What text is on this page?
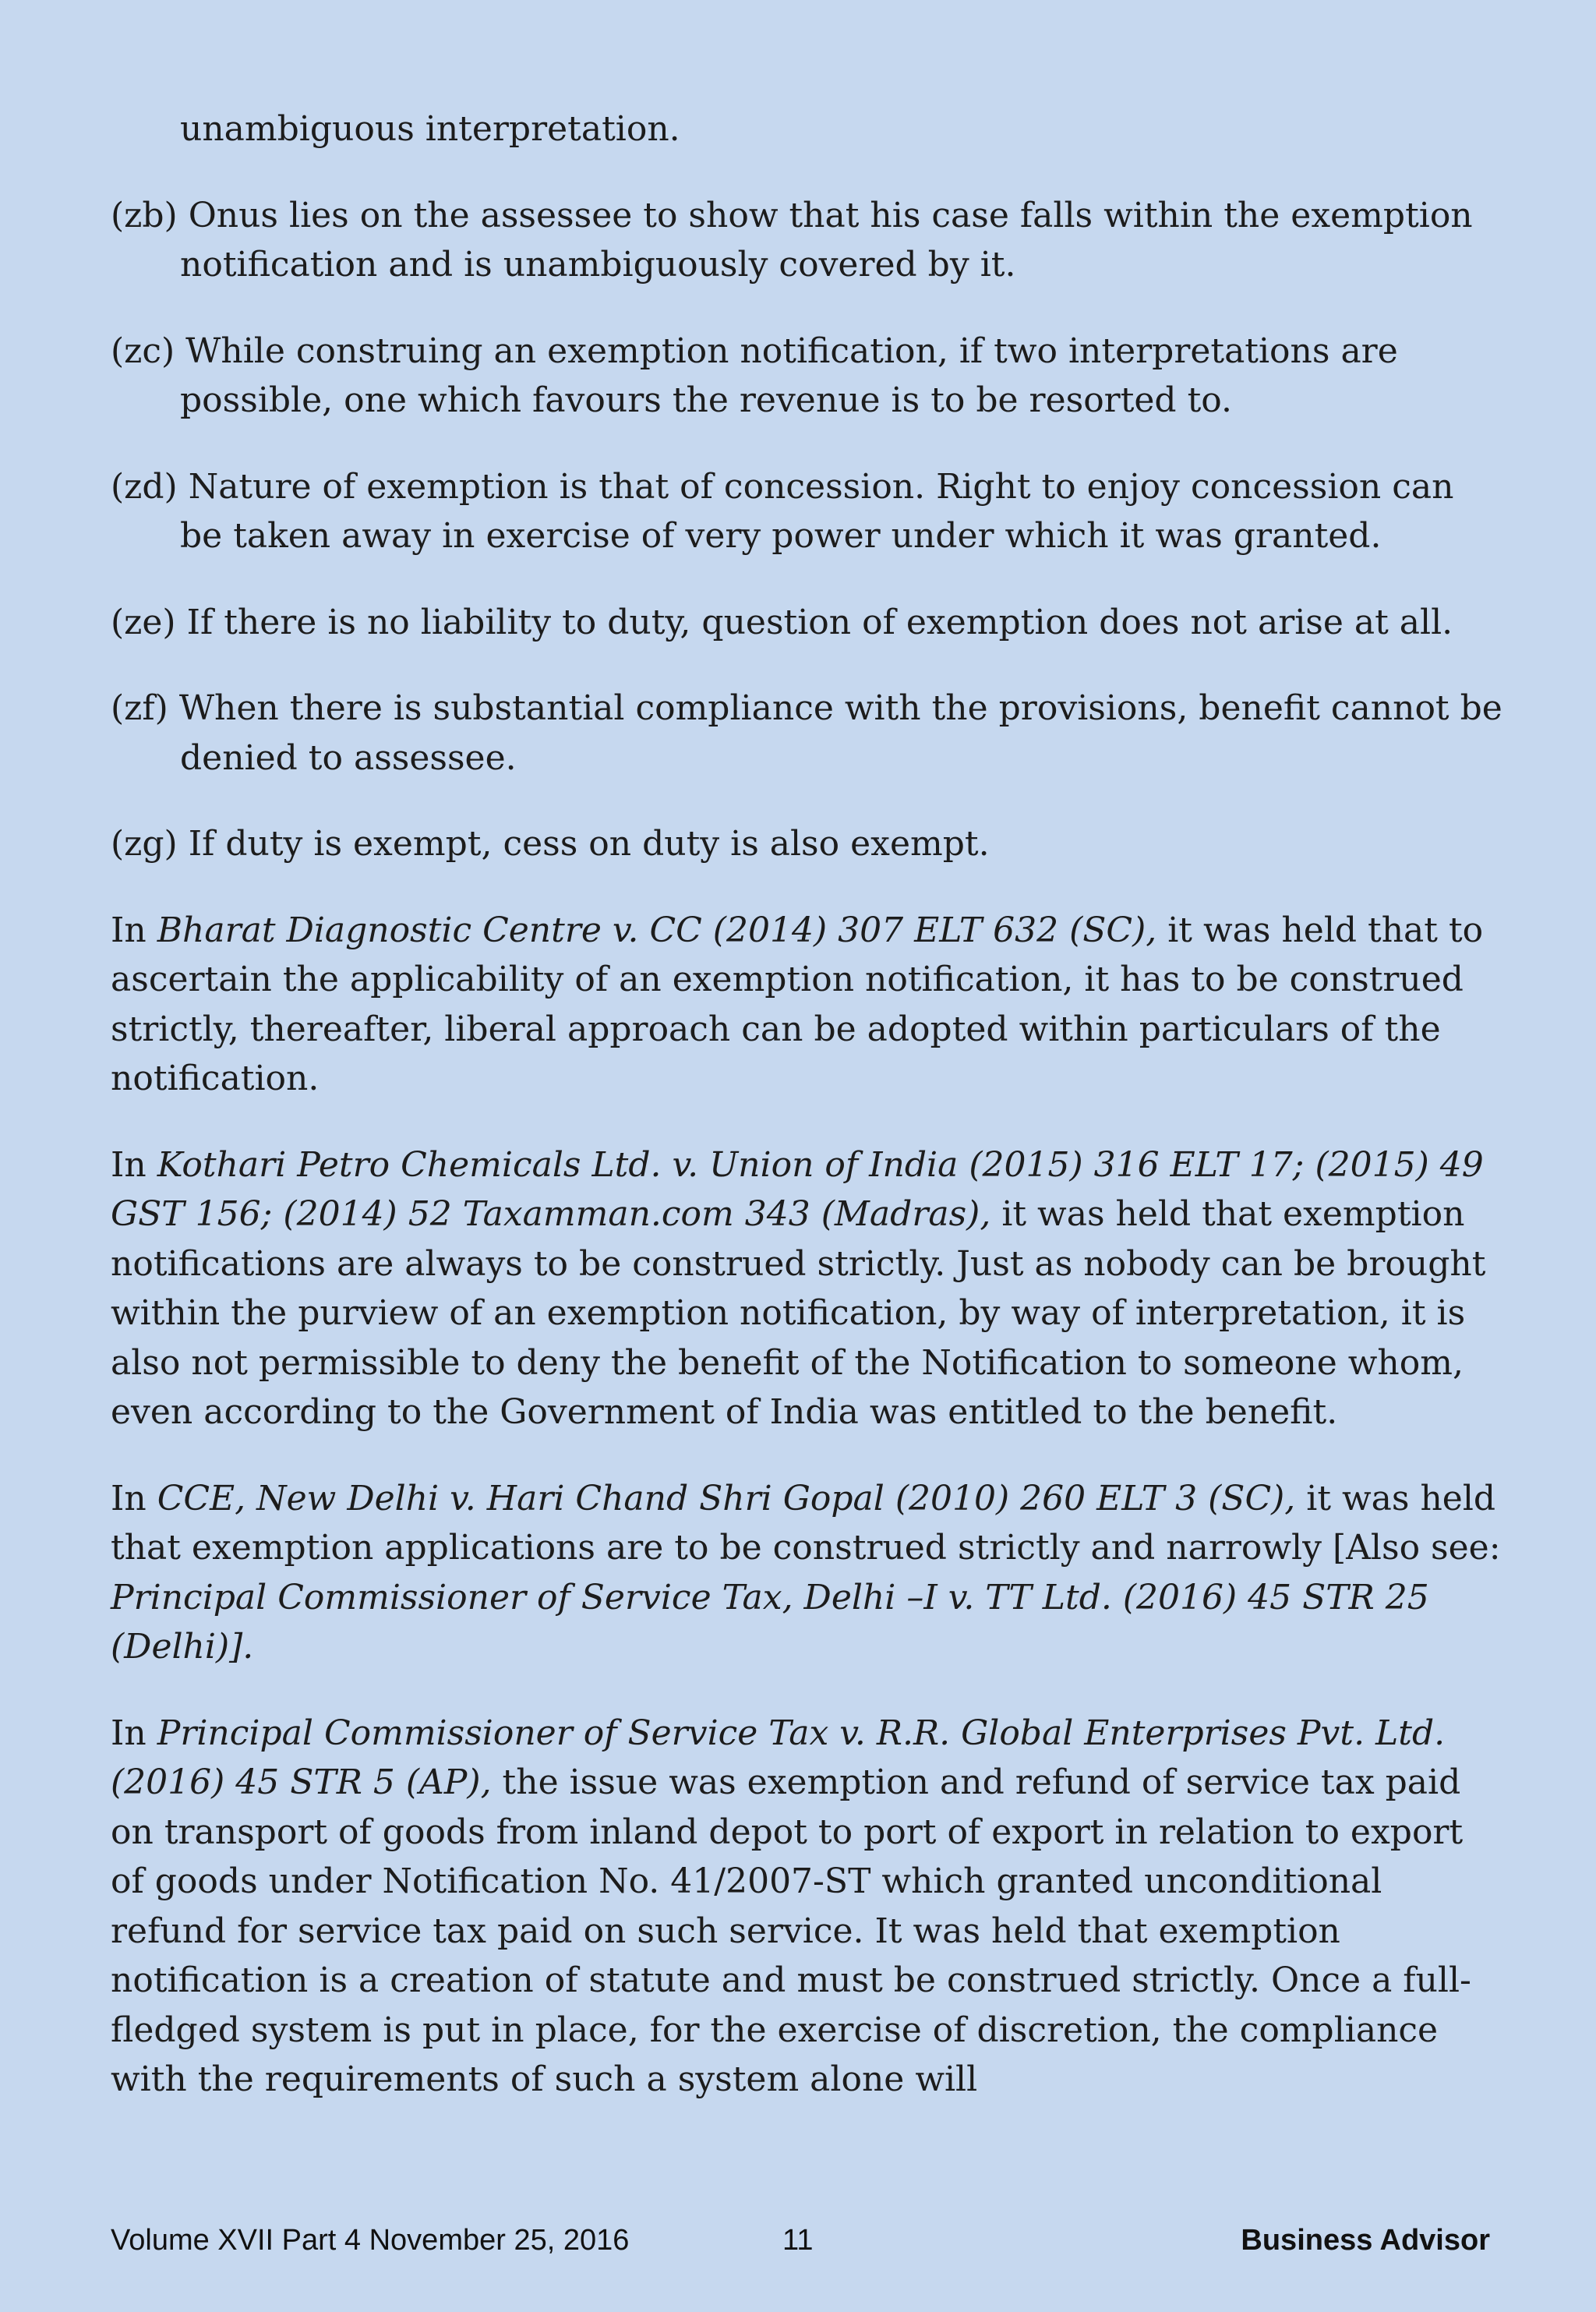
unambiguous interpretation.

(zb) Onus lies on the assessee to show that his case falls within the exemption notification and is unambiguously covered by it.

(zc) While construing an exemption notification, if two interpretations are possible, one which favours the revenue is to be resorted to.

(zd) Nature of exemption is that of concession. Right to enjoy concession can be taken away in exercise of very power under which it was granted.

(ze) If there is no liability to duty, question of exemption does not arise at all.

(zf) When there is substantial compliance with the provisions, benefit cannot be denied to assessee.

(zg) If duty is exempt, cess on duty is also exempt.

In Bharat Diagnostic Centre v. CC (2014) 307 ELT 632 (SC), it was held that to ascertain the applicability of an exemption notification, it has to be construed strictly, thereafter, liberal approach can be adopted within particulars of the notification.

In Kothari Petro Chemicals Ltd. v. Union of India (2015) 316 ELT 17; (2015) 49 GST 156; (2014) 52 Taxamman.com 343 (Madras), it was held that exemption notifications are always to be construed strictly. Just as nobody can be brought within the purview of an exemption notification, by way of interpretation, it is also not permissible to deny the benefit of the Notification to someone whom, even according to the Government of India was entitled to the benefit.

In CCE, New Delhi v. Hari Chand Shri Gopal (2010) 260 ELT 3 (SC), it was held that exemption applications are to be construed strictly and narrowly [Also see: Principal Commissioner of Service Tax, Delhi –I v. TT Ltd. (2016) 45 STR 25 (Delhi)].

In Principal Commissioner of Service Tax v. R.R. Global Enterprises Pvt. Ltd. (2016) 45 STR 5 (AP), the issue was exemption and refund of service tax paid on transport of goods from inland depot to port of export in relation to export of goods under Notification No. 41/2007-ST which granted unconditional refund for service tax paid on such service. It was held that exemption notification is a creation of statute and must be construed strictly. Once a full-fledged system is put in place, for the exercise of discretion, the compliance with the requirements of such a system alone will

Volume XVII Part 4 November 25, 2016	11	Business Advisor
